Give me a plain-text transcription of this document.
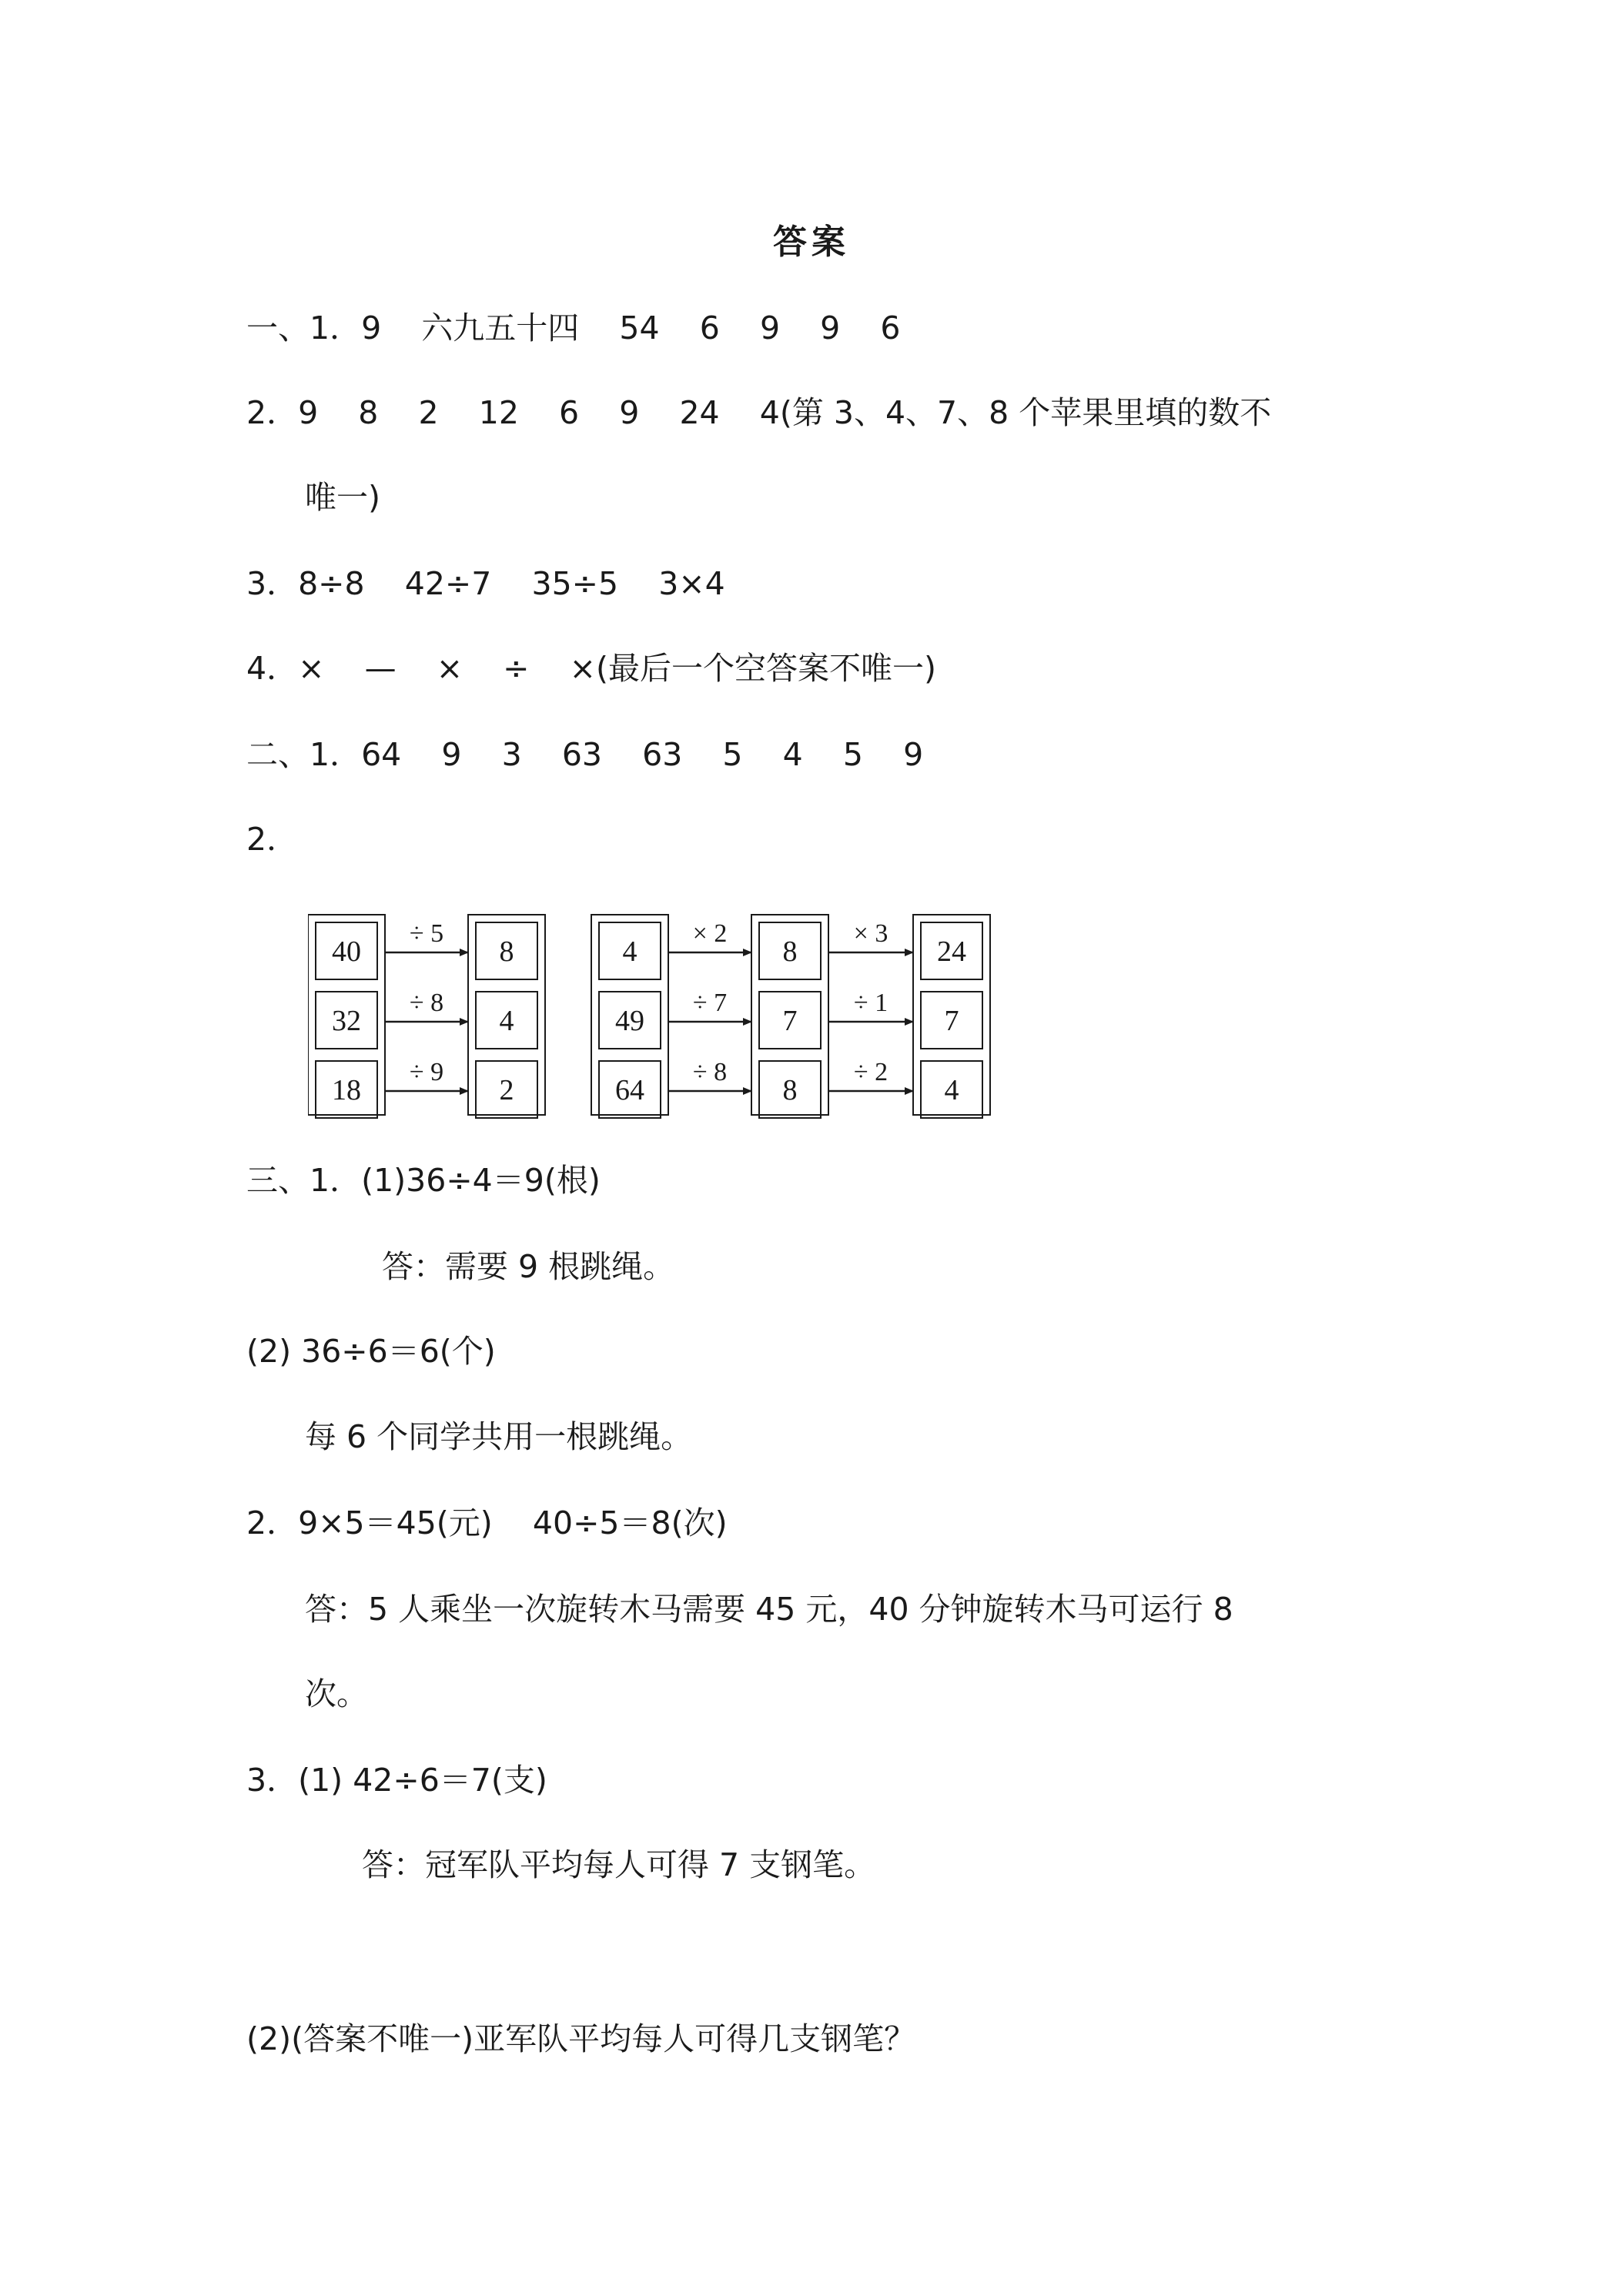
答案
一、1．9    六九五十四    54    6    9    9    6
2．9    8    2    12    6    9    24    4(第 3、4、7、8 个苹果里填的数不
唯一)
3．8÷8    42÷7    35÷5    3×4
4．×    —    ×    ÷    ×(最后一个空答案不唯一)
二、1．64    9    3    63    63    5    4    5    9
2．
40
32
18
÷ 5
÷ 8
÷ 9
8
4
2
4
49
64
× 2
÷ 7
÷ 8
8
7
8
× 3
÷ 1
÷ 2
24
7
4
三、1．(1)36÷4＝9(根)
答：需要 9 根跳绳。
(2) 36÷6＝6(个)
每 6 个同学共用一根跳绳。
2．9×5＝45(元)    40÷5＝8(次)
答：5 人乘坐一次旋转木马需要 45 元，40 分钟旋转木马可运行 8
次。
3．(1) 42÷6＝7(支)
答：冠军队平均每人可得 7 支钢笔。
(2)(答案不唯一)亚军队平均每人可得几支钢笔？
